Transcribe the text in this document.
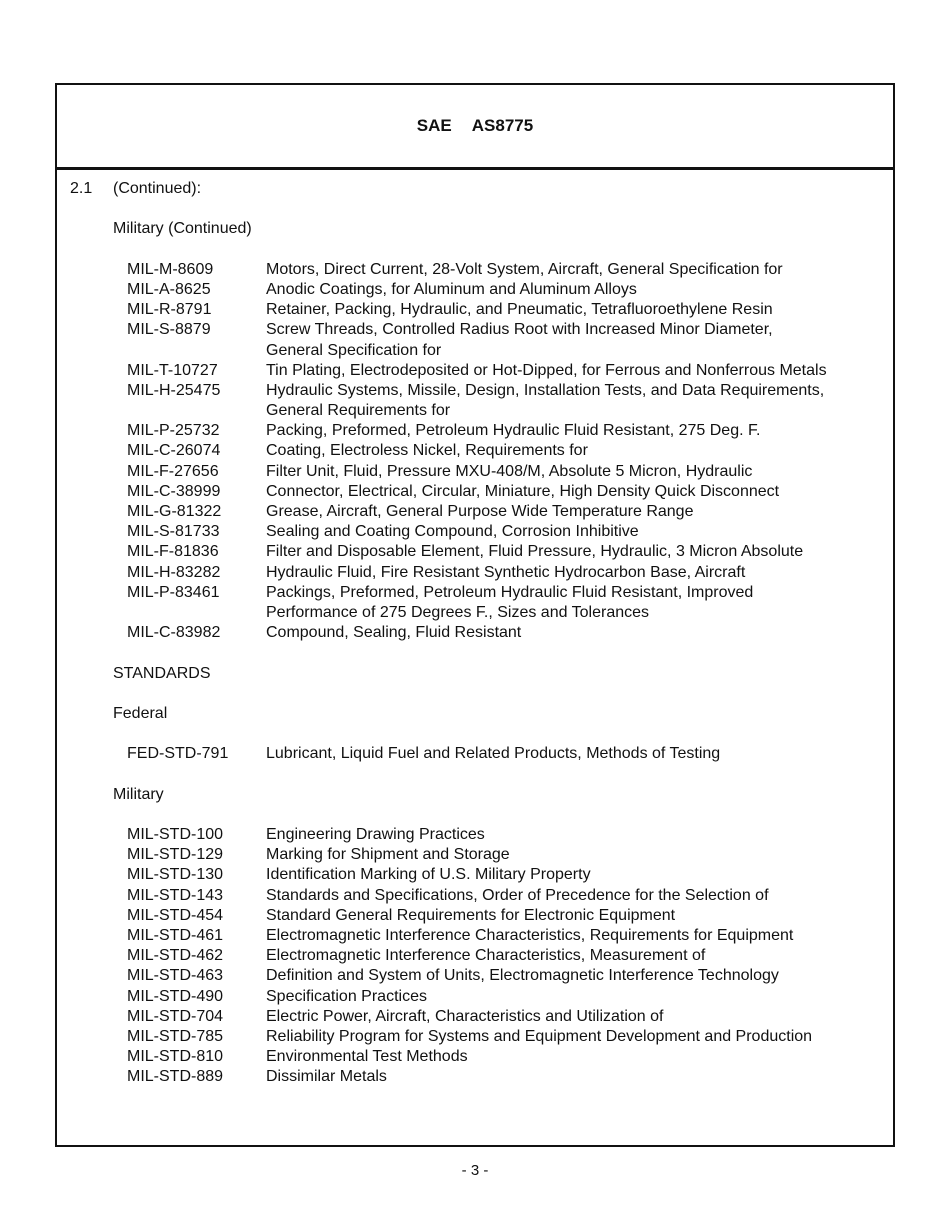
SAE AS8775
2.1 (Continued):
Military (Continued)
MIL-M-8609	Motors, Direct Current, 28-Volt System, Aircraft, General Specification for
MIL-A-8625	Anodic Coatings, for Aluminum and Aluminum Alloys
MIL-R-8791	Retainer, Packing, Hydraulic, and Pneumatic, Tetrafluoroethylene Resin
MIL-S-8879	Screw Threads, Controlled Radius Root with Increased Minor Diameter,
General Specification for
MIL-T-10727	Tin Plating, Electrodeposited or Hot-Dipped, for Ferrous and Nonferrous Metals
MIL-H-25475	Hydraulic Systems, Missile, Design, Installation Tests, and Data Requirements,
General Requirements for
MIL-P-25732	Packing, Preformed, Petroleum Hydraulic Fluid Resistant, 275 Deg. F.
MIL-C-26074	Coating, Electroless Nickel, Requirements for
MIL-F-27656	Filter Unit, Fluid, Pressure MXU-408/M, Absolute 5 Micron, Hydraulic
MIL-C-38999	Connector, Electrical, Circular, Miniature, High Density Quick Disconnect
MIL-G-81322	Grease, Aircraft, General Purpose Wide Temperature Range
MIL-S-81733	Sealing and Coating Compound, Corrosion Inhibitive
MIL-F-81836	Filter and Disposable Element, Fluid Pressure, Hydraulic, 3 Micron Absolute
MIL-H-83282	Hydraulic Fluid, Fire Resistant Synthetic Hydrocarbon Base, Aircraft
MIL-P-83461	Packings, Preformed, Petroleum Hydraulic Fluid Resistant, Improved
Performance of 275 Degrees F., Sizes and Tolerances
MIL-C-83982	Compound, Sealing, Fluid Resistant
STANDARDS
Federal
FED-STD-791	Lubricant, Liquid Fuel and Related Products, Methods of Testing
Military
MIL-STD-100	Engineering Drawing Practices
MIL-STD-129	Marking for Shipment and Storage
MIL-STD-130	Identification Marking of U.S. Military Property
MIL-STD-143	Standards and Specifications, Order of Precedence for the Selection of
MIL-STD-454	Standard General Requirements for Electronic Equipment
MIL-STD-461	Electromagnetic Interference Characteristics, Requirements for Equipment
MIL-STD-462	Electromagnetic Interference Characteristics, Measurement of
MIL-STD-463	Definition and System of Units, Electromagnetic Interference Technology
MIL-STD-490	Specification Practices
MIL-STD-704	Electric Power, Aircraft, Characteristics and Utilization of
MIL-STD-785	Reliability Program for Systems and Equipment Development and Production
MIL-STD-810	Environmental Test Methods
MIL-STD-889	Dissimilar Metals
- 3 -
